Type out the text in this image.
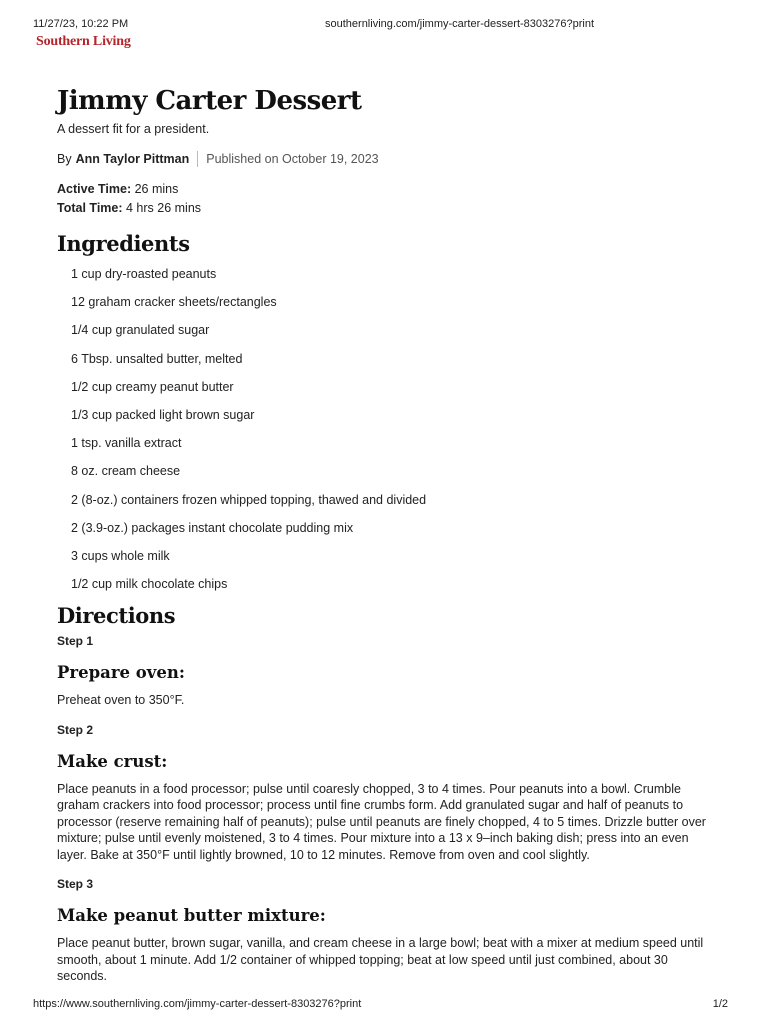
11/27/23, 10:22 PM	southernliving.com/jimmy-carter-dessert-8303276?print
Southern Living
Jimmy Carter Dessert
A dessert fit for a president.
By Ann Taylor Pittman Published on October 19, 2023
Active Time: 26 mins
Total Time: 4 hrs 26 mins
Ingredients
1 cup dry-roasted peanuts
12 graham cracker sheets/rectangles
1/4 cup granulated sugar
6 Tbsp. unsalted butter, melted
1/2 cup creamy peanut butter
1/3 cup packed light brown sugar
1 tsp. vanilla extract
8 oz. cream cheese
2 (8-oz.) containers frozen whipped topping, thawed and divided
2 (3.9-oz.) packages instant chocolate pudding mix
3 cups whole milk
1/2 cup milk chocolate chips
Directions
Step 1
Prepare oven:
Preheat oven to 350°F.
Step 2
Make crust:
Place peanuts in a food processor; pulse until coaresly chopped, 3 to 4 times. Pour peanuts into a bowl. Crumble graham crackers into food processor; process until fine crumbs form. Add granulated sugar and half of peanuts to processor (reserve remaining half of peanuts); pulse until peanuts are finely chopped, 4 to 5 times. Drizzle butter over mixture; pulse until evenly moistened, 3 to 4 times. Pour mixture into a 13 x 9–inch baking dish; press into an even layer. Bake at 350°F until lightly browned, 10 to 12 minutes. Remove from oven and cool slightly.
Step 3
Make peanut butter mixture:
Place peanut butter, brown sugar, vanilla, and cream cheese in a large bowl; beat with a mixer at medium speed until smooth, about 1 minute. Add 1/2 container of whipped topping; beat at low speed until just combined, about 30 seconds.
https://www.southernliving.com/jimmy-carter-dessert-8303276?print	1/2
